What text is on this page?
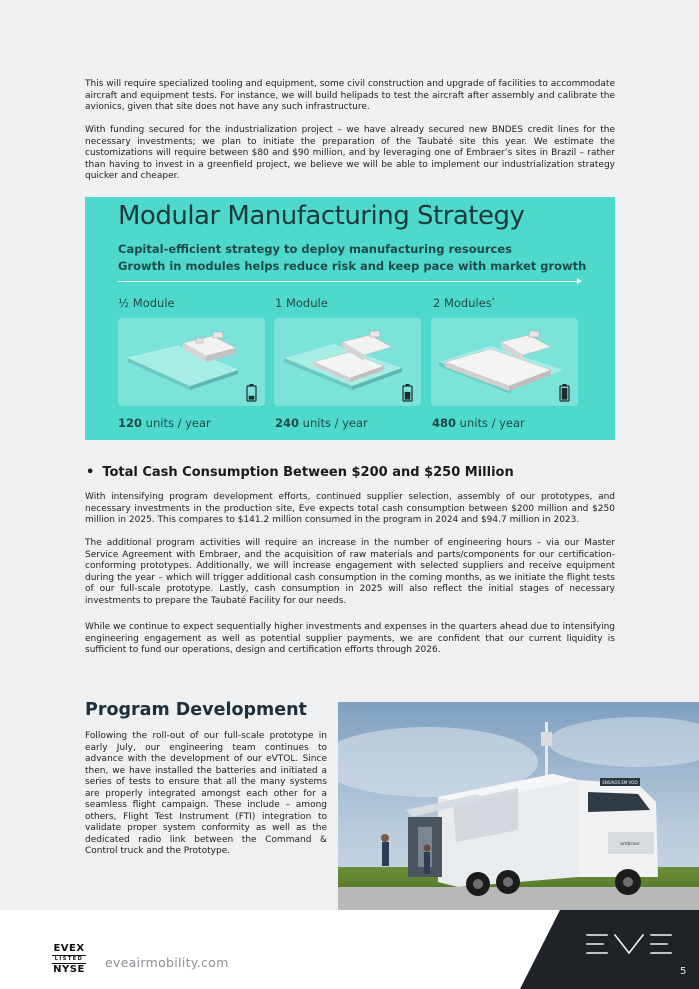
This will require specialized tooling and equipment, some civil construction and upgrade of facilities to accommodate aircraft and equipment tests. For instance, we will build helipads to test the aircraft after assembly and calibrate the avionics, given that site does not have any such infrastructure.

With funding secured for the industrialization project – we have already secured new BNDES credit lines for the necessary investments; we plan to initiate the preparation of the Taubaté site this year. We estimate the customizations will require between $80 and $90 million, and by leveraging one of Embraer’s sites in Brazil – rather than having to invest in a greenfield project, we believe we will be able to implement our industrialization strategy quicker and cheaper.

Modular Manufacturing Strategy
Capital-efficient strategy to deploy manufacturing resources
Growth in modules helps reduce risk and keep pace with market growth
½ Module
120 units / year
1 Module
240 units / year
2 Modules*
480 units / year
• Total Cash Consumption Between $200 and $250 Million

With intensifying program development efforts, continued supplier selection, assembly of our prototypes, and necessary investments in the production site, Eve expects total cash consumption between $200 million and $250 million in 2025. This compares to $141.2 million consumed in the program in 2024 and $94.7 million in 2023.

The additional program activities will require an increase in the number of engineering hours – via our Master Service Agreement with Embraer, and the acquisition of raw materials and parts/components for our certification-conforming prototypes. Additionally, we will increase engagement with selected suppliers and receive equipment during the year – which will trigger additional cash consumption in the coming months, as we initiate the flight tests of our full-scale prototype. Lastly, cash consumption in 2025 will also reflect the initial stages of necessary investments to prepare the Taubaté Facility for our needs.

While we continue to expect sequentially higher investments and expenses in the quarters ahead due to intensifying engineering engagement as well as potential supplier payments, we are confident that our current liquidity is sufficient to fund our operations, design and certification efforts through 2026.

Program Development

Following the roll-out of our full-scale prototype in early July, our engineering team continues to advance with the development of our eVTOL. Since then, we have installed the batteries and initiated a series of tests to ensure that all the many systems are properly integrated amongst each other for a seamless flight campaign. These include – among others, Flight Test Instrument (FTI) integration to validate proper system conformity as well as the dedicated radio link between the Command & Control truck and the Prototype.

ENSAIOS EM VOO
embraer
EVEX
LISTED
NYSE	eveairmobility.com
5
